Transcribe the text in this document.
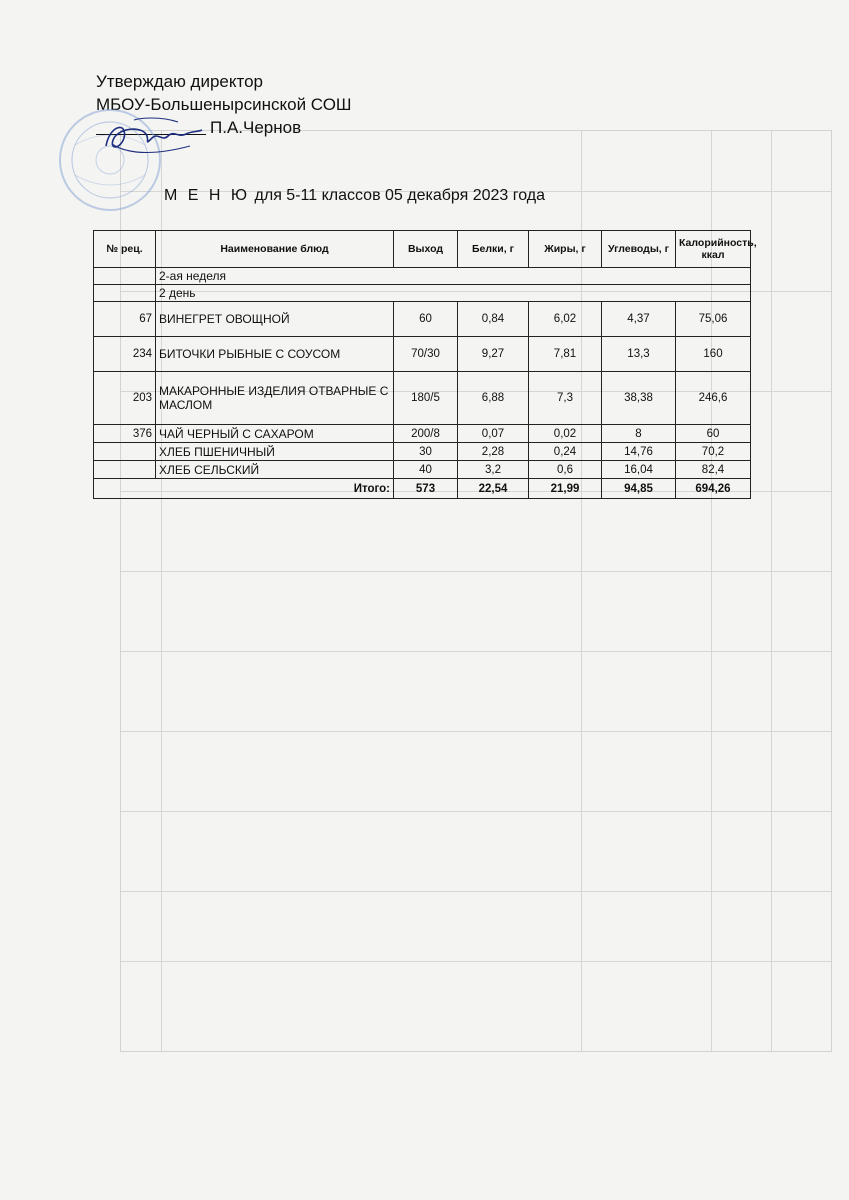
Утверждаю директор
МБОУ-Большенырсинской СОШ
П.А.Чернов
М Е Н Ю для 5-11 классов 05 декабря 2023 года
№ рец.	Наименование блюд	Выход	Белки, г	Жиры, г	Углеводы, г	Калорийность, ккал
	2-ая неделя					
	2 день					
67	ВИНЕГРЕТ ОВОЩНОЙ	60	0,84	6,02	4,37	75,06
234	БИТОЧКИ РЫБНЫЕ С СОУСОМ	70/30	9,27	7,81	13,3	160
203	МАКАРОННЫЕ ИЗДЕЛИЯ ОТВАРНЫЕ С МАСЛОМ	180/5	6,88	7,3	38,38	246,6
376	ЧАЙ ЧЕРНЫЙ С САХАРОМ	200/8	0,07	0,02	8	60
	ХЛЕБ ПШЕНИЧНЫЙ	30	2,28	0,24	14,76	70,2
	ХЛЕБ СЕЛЬСКИЙ	40	3,2	0,6	16,04	82,4
Итого:		573	22,54	21,99	94,85	694,26
